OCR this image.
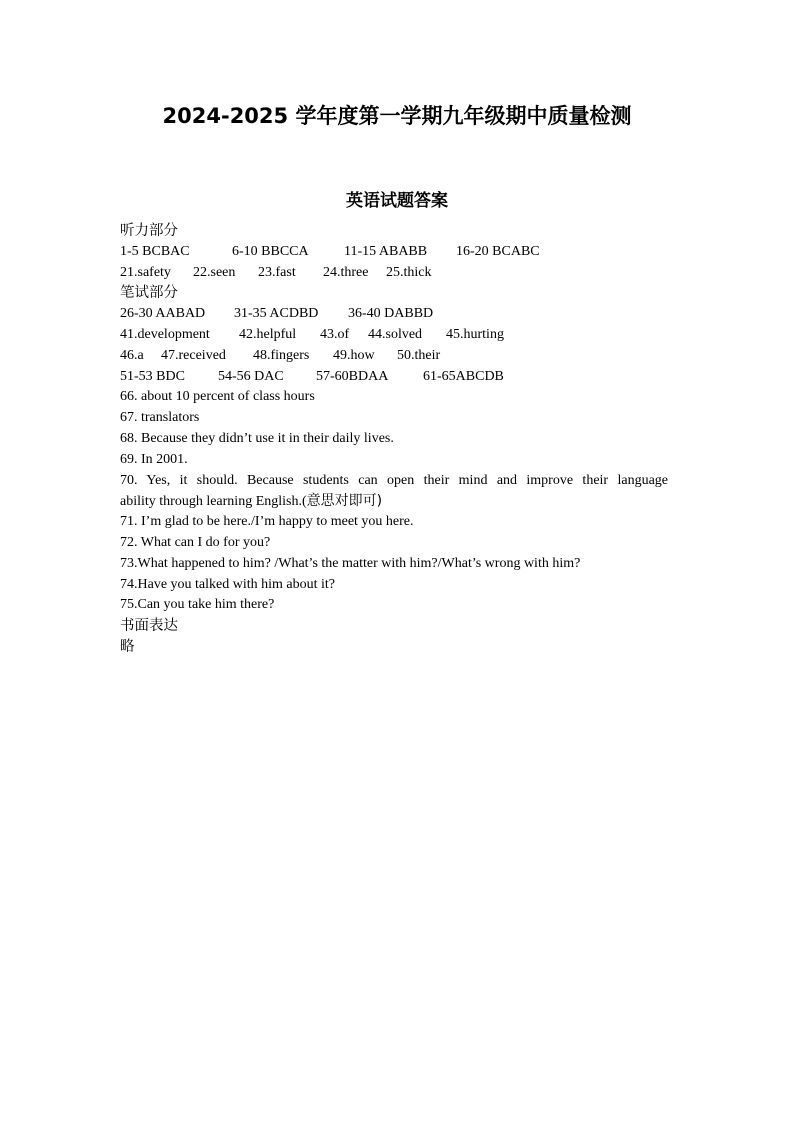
2024-2025 学年度第一学期九年级期中质量检测
英语试题答案
听力部分
1-5 BCBAC	6-10 BBCCA	11-15 ABABB 16-20 BCABC
21.safety 22.seen 23.fast 24.three 25.thick
笔试部分
26-30 AABAD 31-35 ACDBD 36-40 DABBD
41.development 42.helpful 43.of 44.solved 45.hurting
46.a 47.received 48.fingers 49.how 50.their
51-53 BDC 54-56 DAC 57-60BDAA 61-65ABCDB
66. about 10 percent of class hours
67. translators
68. Because they didn’t use it in their daily lives.
69. In 2001.
70. Yes, it should. Because students can open their mind and improve their language
ability through learning English.(意思对即可)
71. I’m glad to be here./I’m happy to meet you here.
72. What can I do for you?
73.What happened to him? /What’s the matter with him?/What’s wrong with him?
74.Have you talked with him about it?
75.Can you take him there?
书面表达
略
